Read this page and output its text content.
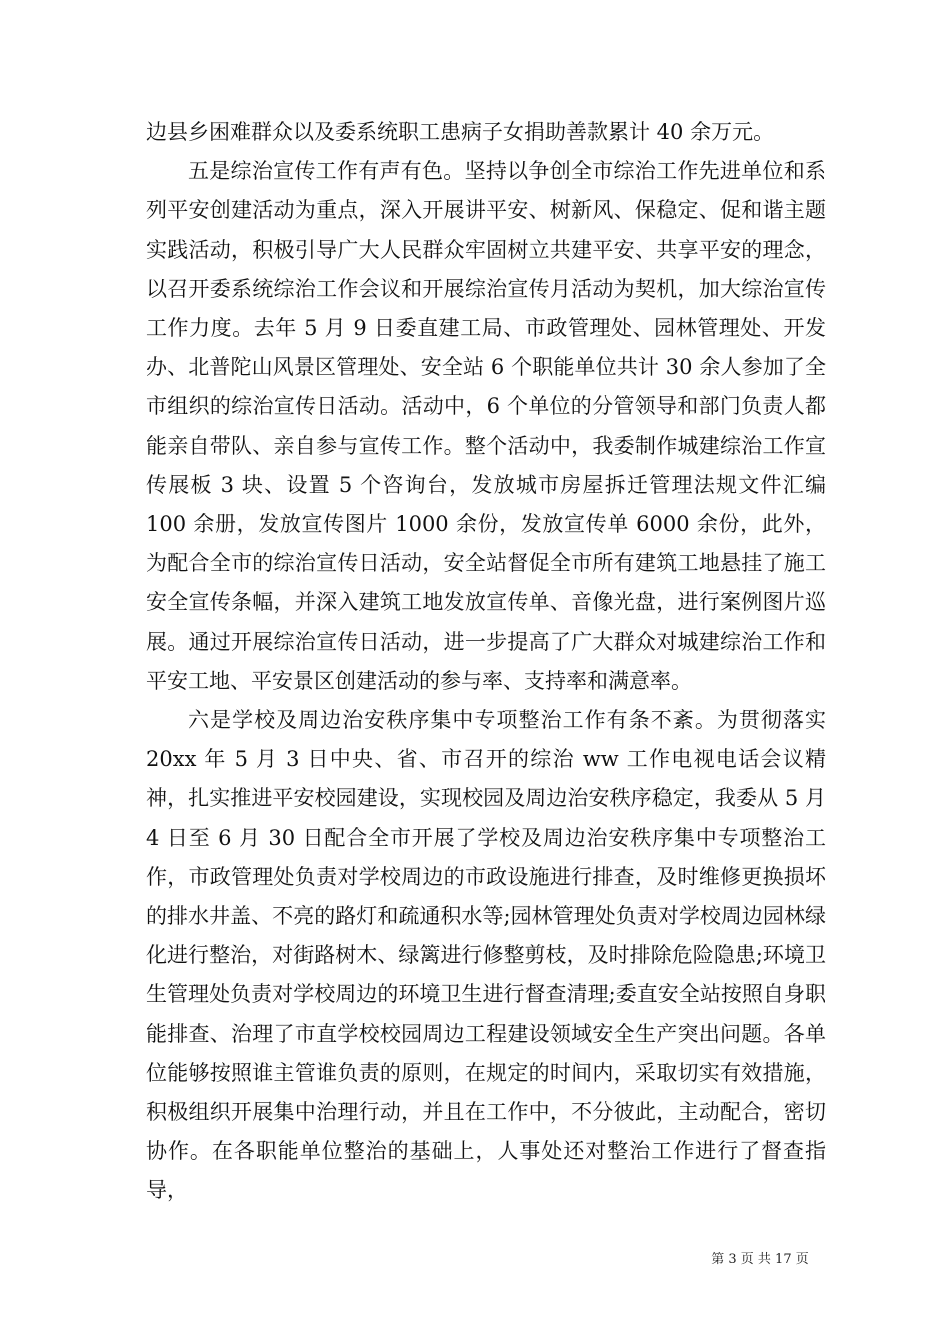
边县乡困难群众以及委系统职工患病子女捐助善款累计 40 余万元。

五是综治宣传工作有声有色。坚持以争创全市综治工作先进单位和系列平安创建活动为重点，深入开展讲平安、树新风、保稳定、促和谐主题实践活动，积极引导广大人民群众牢固树立共建平安、共享平安的理念，以召开委系统综治工作会议和开展综治宣传月活动为契机，加大综治宣传工作力度。去年 5 月 9 日委直建工局、市政管理处、园林管理处、开发办、北普陀山风景区管理处、安全站 6 个职能单位共计 30 余人参加了全市组织的综治宣传日活动。活动中，6 个单位的分管领导和部门负责人都能亲自带队、亲自参与宣传工作。整个活动中，我委制作城建综治工作宣传展板 3 块、设置 5 个咨询台，发放城市房屋拆迁管理法规文件汇编 100 余册，发放宣传图片 1000 余份，发放宣传单 6000 余份，此外，为配合全市的综治宣传日活动，安全站督促全市所有建筑工地悬挂了施工安全宣传条幅，并深入建筑工地发放宣传单、音像光盘，进行案例图片巡展。通过开展综治宣传日活动，进一步提高了广大群众对城建综治工作和平安工地、平安景区创建活动的参与率、支持率和满意率。

六是学校及周边治安秩序集中专项整治工作有条不紊。为贯彻落实 20xx 年 5 月 3 日中央、省、市召开的综治 ww 工作电视电话会议精神，扎实推进平安校园建设，实现校园及周边治安秩序稳定，我委从 5 月 4 日至 6 月 30 日配合全市开展了学校及周边治安秩序集中专项整治工作，市政管理处负责对学校周边的市政设施进行排查，及时维修更换损坏的排水井盖、不亮的路灯和疏通积水等;园林管理处负责对学校周边园林绿化进行整治，对街路树木、绿篱进行修整剪枝，及时排除危险隐患;环境卫生管理处负责对学校周边的环境卫生进行督查清理;委直安全站按照自身职能排查、治理了市直学校校园周边工程建设领域安全生产突出问题。各单位能够按照谁主管谁负责的原则，在规定的时间内，采取切实有效措施，积极组织开展集中治理行动，并且在工作中，不分彼此，主动配合，密切协作。在各职能单位整治的基础上，人事处还对整治工作进行了督查指导，

第 3 页 共 17 页
